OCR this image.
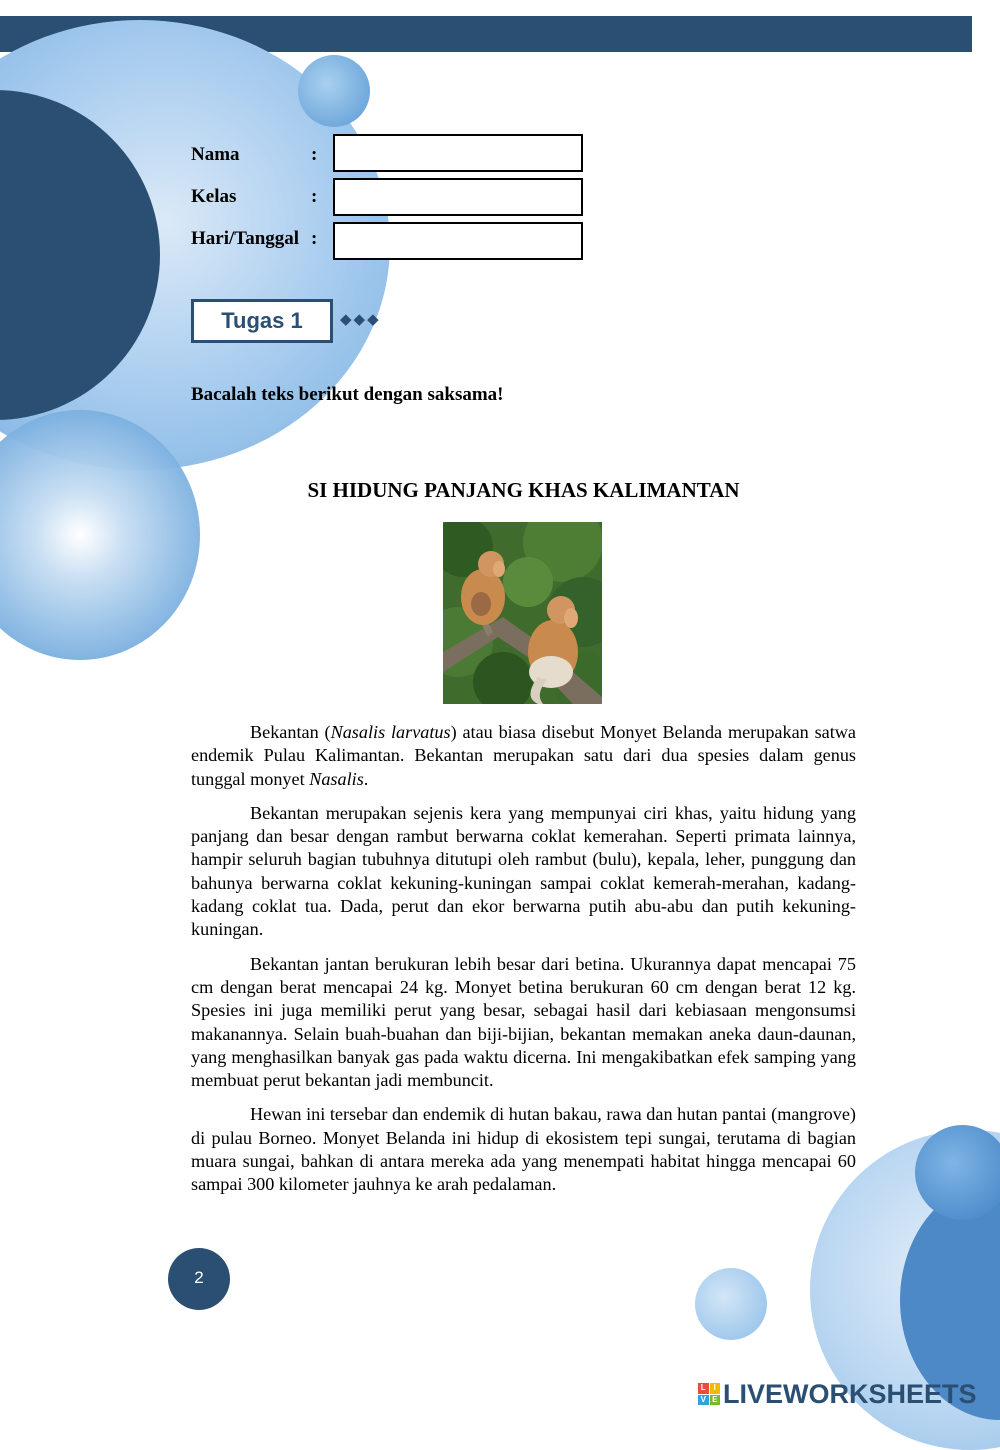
Nama	:
Kelas	:
Hari/Tanggal :
Tugas 1	◆◆◆
Bacalah teks berikut dengan saksama!
SI HIDUNG PANJANG KHAS KALIMANTAN

Bekantan (Nasalis larvatus) atau biasa disebut Monyet Belanda merupakan satwa endemik Pulau Kalimantan. Bekantan merupakan satu dari dua spesies dalam genus tunggal monyet Nasalis.

Bekantan merupakan sejenis kera yang mempunyai ciri khas, yaitu hidung yang panjang dan besar dengan rambut berwarna coklat kemerahan. Seperti primata lainnya, hampir seluruh bagian tubuhnya ditutupi oleh rambut (bulu), kepala, leher, punggung dan bahunya berwarna coklat kekuning-kuningan sampai coklat kemerah-merahan, kadang-kadang coklat tua. Dada, perut dan ekor berwarna putih abu-abu dan putih kekuning-kuningan.

Bekantan jantan berukuran lebih besar dari betina. Ukurannya dapat mencapai 75 cm dengan berat mencapai 24 kg. Monyet betina berukuran 60 cm dengan berat 12 kg. Spesies ini juga memiliki perut yang besar, sebagai hasil dari kebiasaan mengonsumsi makanannya. Selain buah-buahan dan biji-bijian, bekantan memakan aneka daun-daunan, yang menghasilkan banyak gas pada waktu dicerna. Ini mengakibatkan efek samping yang membuat perut bekantan jadi membuncit.

Hewan ini tersebar dan endemik di hutan bakau, rawa dan hutan pantai (mangrove) di pulau Borneo. Monyet Belanda ini hidup di ekosistem tepi sungai, terutama di bagian muara sungai, bahkan di antara mereka ada yang menempati habitat hingga mencapai 60 sampai 300 kilometer jauhnya ke arah pedalaman.

2
L I
V E LIVEWORKSHEETS
